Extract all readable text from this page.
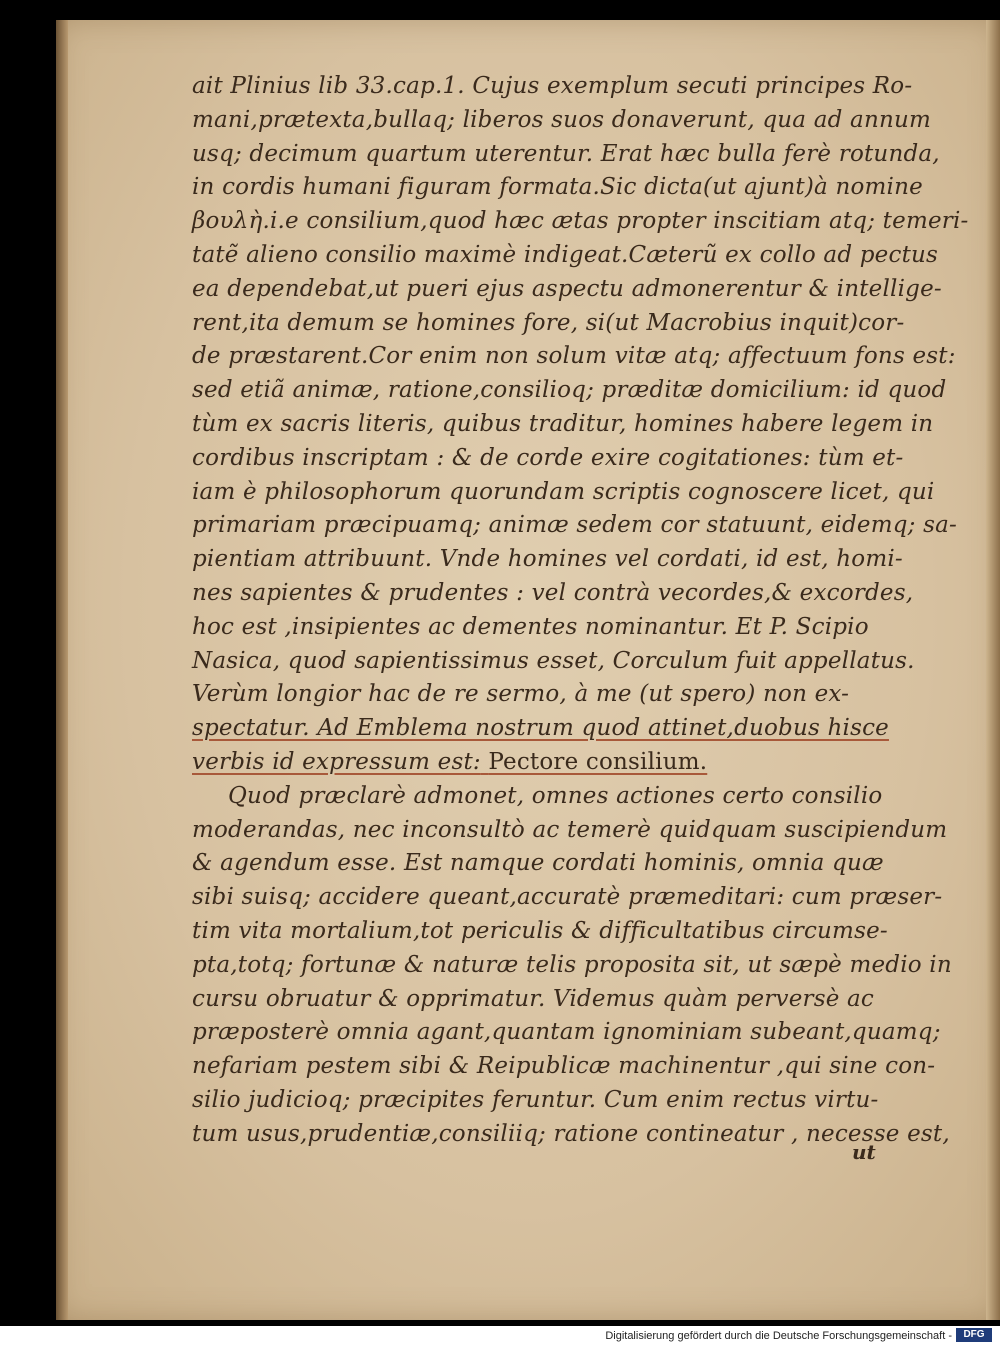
ait Plinius lib 33.cap.1. Cujus exemplum secuti principes Ro-
mani,prætexta,bullaq; liberos suos donaverunt, qua ad annum
usq; decimum quartum uterentur. Erat hæc bulla ferè rotunda,
in cordis humani figuram formata.Sic dicta(ut ajunt)à nomine
βουλὴ.i.e consilium,quod hæc ætas propter inscitiam atq; temeri-
tatẽ alieno consilio maximè indigeat.Cæterũ ex collo ad pectus
ea dependebat,ut pueri ejus aspectu admonerentur & intellige-
rent,ita demum se homines fore, si(ut Macrobius inquit)cor-
de præstarent.Cor enim non solum vitæ atq; affectuum fons est:
sed etiã animæ, ratione,consilioq; præditæ domicilium: id quod
tùm ex sacris literis, quibus traditur, homines habere legem in
cordibus inscriptam : & de corde exire cogitationes: tùm et-
iam è philosophorum quorundam scriptis cognoscere licet, qui
primariam præcipuamq; animæ sedem cor statuunt, eidemq; sa-
pientiam attribuunt. Vnde homines vel cordati, id est, homi-
nes sapientes & prudentes : vel contrà vecordes,& excordes,
hoc est ,insipientes ac dementes nominantur. Et P. Scipio
Nasica, quod sapientissimus esset, Corculum fuit appellatus.
Verùm longior hac de re sermo, à me (ut spero) non ex-
spectatur. Ad Emblema nostrum quod attinet,duobus hisce
verbis id expressum est: Pectore consilium.
Quod præclarè admonet, omnes actiones certo consilio
moderandas, nec inconsultò ac temerè quidquam suscipiendum
& agendum esse. Est namque cordati hominis, omnia quæ
sibi suisq; accidere queant,accuratè præmeditari: cum præser-
tim vita mortalium,tot periculis & difficultatibus circumse-
pta,totq; fortunæ & naturæ telis proposita sit, ut sæpè medio in
cursu obruatur & opprimatur. Videmus quàm perversè ac
præposterè omnia agant,quantam ignominiam subeant,quamq;
nefariam pestem sibi & Reipublicæ machinentur ,qui sine con-
silio judicioq; præcipites feruntur. Cum enim rectus virtu-
tum usus,prudentiæ,consiliiq; ratione contineatur , necesse est,
ut
Digitalisierung gefördert durch die Deutsche Forschungsgemeinschaft -	DFG
